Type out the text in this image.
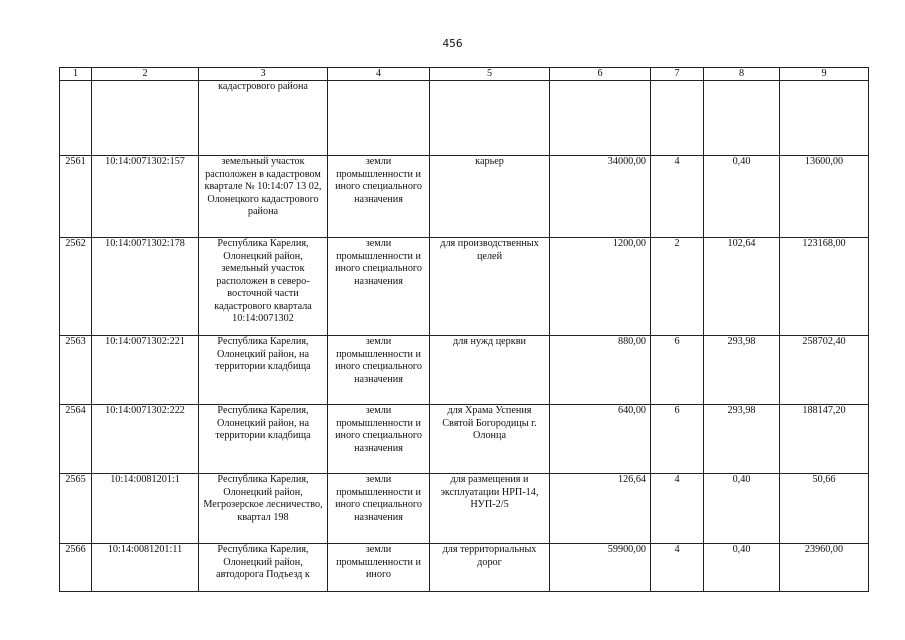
456
1	2	3	4	5	6	7	8	9
		кадастрового района						
2561	10:14:0071302:157	земельный участок расположен в кадастровом квартале № 10:14:07 13 02, Олонецкого кадастрового района	земли промышленности и иного специального назначения	карьер	34000,00	4	0,40	13600,00
2562	10:14:0071302:178	Республика Карелия, Олонецкий район, земельный участок расположен в северо-восточной части кадастрового квартала 10:14:0071302	земли промышленности и иного специального назначения	для производственных целей	1200,00	2	102,64	123168,00
2563	10:14:0071302:221	Республика Карелия, Олонецкий район, на территории кладбища	земли промышленности и иного специального назначения	для нужд церкви	880,00	6	293,98	258702,40
2564	10:14:0071302:222	Республика Карелия, Олонецкий район, на территории кладбища	земли промышленности и иного специального назначения	для Храма Успения Святой Богородицы г. Олонца	640,00	6	293,98	188147,20
2565	10:14:0081201:1	Республика Карелия, Олонецкий район, Мегрозерское лесничество, квартал 198	земли промышленности и иного специального назначения	для размещения и эксплуатации НРП-14, НУП-2/5	126,64	4	0,40	50,66
2566	10:14:0081201:11	Республика Карелия, Олонецкий район, автодорога Подъезд к	земли промышленности и иного	для территориальных дорог	59900,00	4	0,40	23960,00
